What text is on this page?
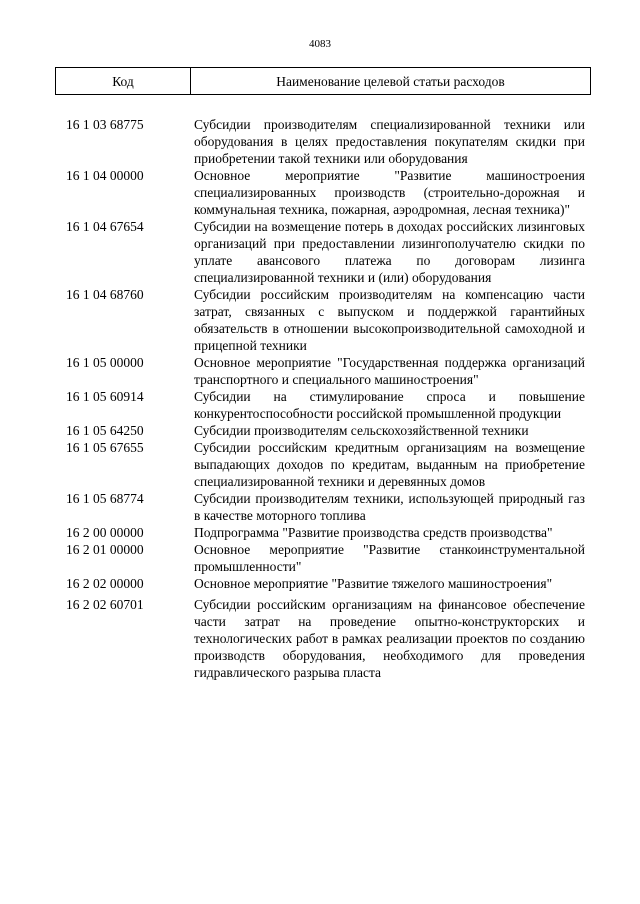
4083
Код	Наименование целевой статьи расходов
16 1 03 68775	Субсидии производителям специализированной техники или оборудования в целях предоставления покупателям скидки при приобретении такой техники или оборудования
16 1 04 00000	Основное мероприятие "Развитие машиностроения специализированных производств (строительно-дорожная и коммунальная техника, пожарная, аэродромная, лесная техника)"
16 1 04 67654	Субсидии на возмещение потерь в доходах российских лизинговых организаций при предоставлении лизингополучателю скидки по уплате авансового платежа по договорам лизинга специализированной техники и (или) оборудования
16 1 04 68760	Субсидии российским производителям на компенсацию части затрат, связанных с выпуском и поддержкой гарантийных обязательств в отношении высокопроизводительной самоходной и прицепной техники
16 1 05 00000	Основное мероприятие "Государственная поддержка организаций транспортного и специального машиностроения"
16 1 05 60914	Субсидии на стимулирование спроса и повышение конкурентоспособности российской промышленной продукции
16 1 05 64250	Субсидии производителям сельскохозяйственной техники
16 1 05 67655	Субсидии российским кредитным организациям на возмещение выпадающих доходов по кредитам, выданным на приобретение специализированной техники и деревянных домов
16 1 05 68774	Субсидии производителям техники, использующей природный газ в качестве моторного топлива
16 2 00 00000	Подпрограмма "Развитие производства средств производства"
16 2 01 00000	Основное мероприятие "Развитие станкоинструментальной промышленности"
16 2 02 00000	Основное мероприятие "Развитие тяжелого машиностроения"
16 2 02 60701	Субсидии российским организациям на финансовое обеспечение части затрат на проведение опытно-конструкторских и технологических работ в рамках реализации проектов по созданию производств оборудования, необходимого для проведения гидравлического разрыва пласта
